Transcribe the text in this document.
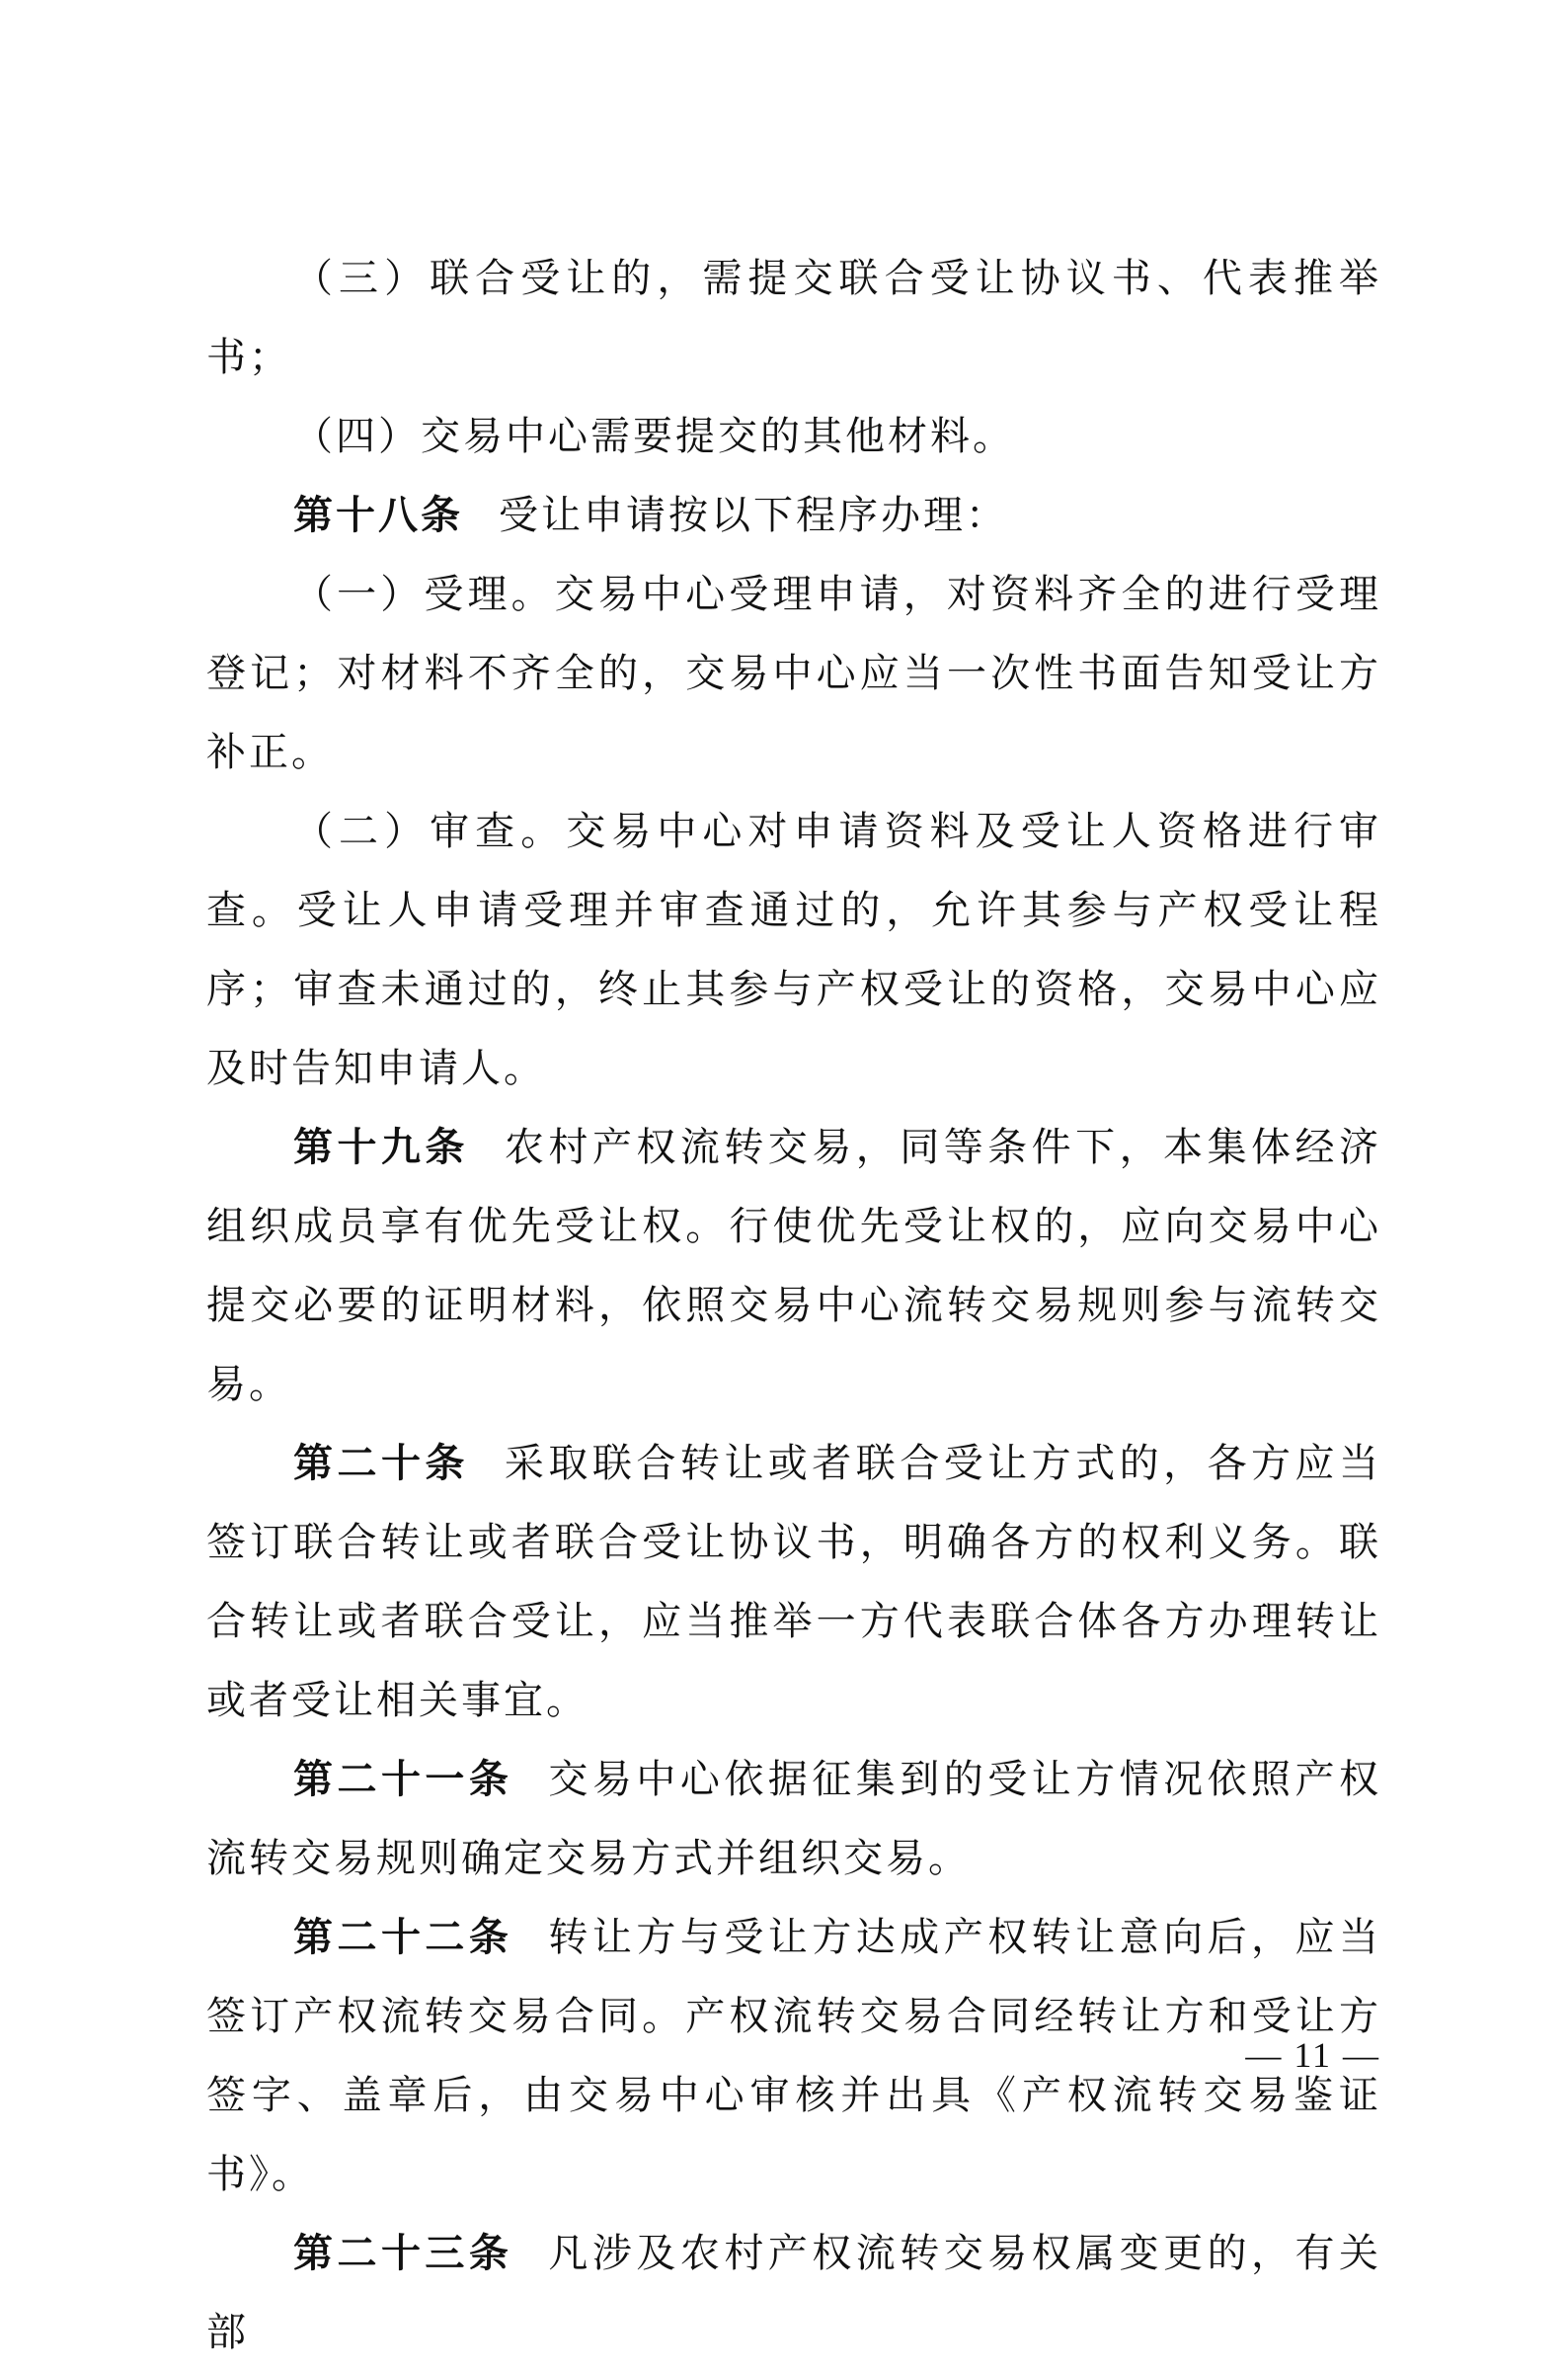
（三）联合受让的，需提交联合受让协议书、代表推举书；

（四）交易中心需要提交的其他材料。

第十八条 受让申请按以下程序办理：

（一）受理。交易中心受理申请，对资料齐全的进行受理登记；对材料不齐全的，交易中心应当一次性书面告知受让方补正。

（二）审查。交易中心对申请资料及受让人资格进行审查。受让人申请受理并审查通过的，允许其参与产权受让程序；审查未通过的，终止其参与产权受让的资格，交易中心应及时告知申请人。

第十九条 农村产权流转交易，同等条件下，本集体经济组织成员享有优先受让权。行使优先受让权的，应向交易中心提交必要的证明材料，依照交易中心流转交易规则参与流转交易。

第二十条 采取联合转让或者联合受让方式的，各方应当签订联合转让或者联合受让协议书，明确各方的权利义务。联合转让或者联合受让，应当推举一方代表联合体各方办理转让或者受让相关事宜。

第二十一条 交易中心依据征集到的受让方情况依照产权流转交易规则确定交易方式并组织交易。

第二十二条 转让方与受让方达成产权转让意向后，应当签订产权流转交易合同。产权流转交易合同经转让方和受让方签字、盖章后，由交易中心审核并出具《产权流转交易鉴证书》。

第二十三条 凡涉及农村产权流转交易权属变更的，有关部

— 11 —
